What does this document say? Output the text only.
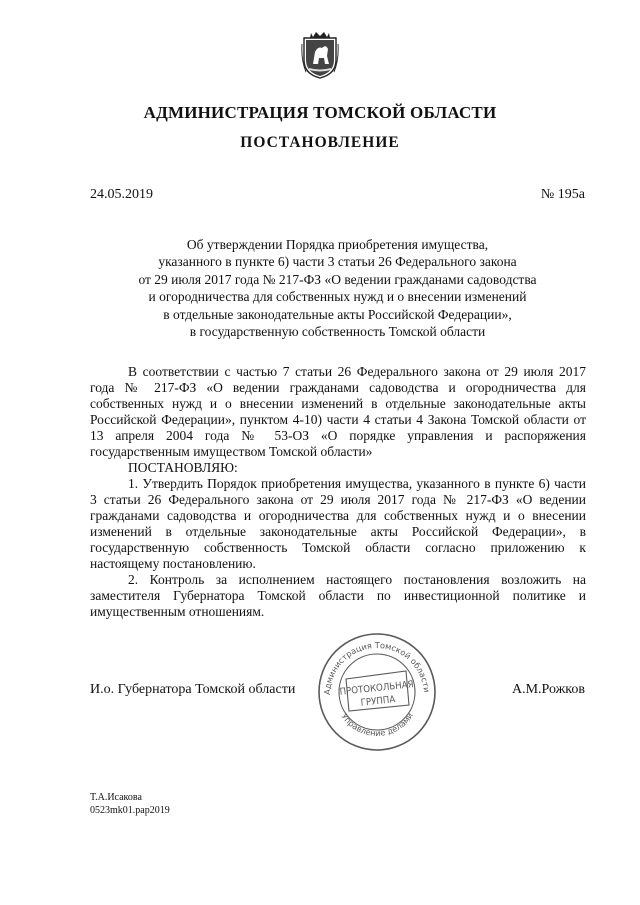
АДМИНИСТРАЦИЯ ТОМСКОЙ ОБЛАСТИ
ПОСТАНОВЛЕНИЕ
24.05.2019	№ 195а
Об утверждении Порядка приобретения имущества,
указанного в пункте 6) части 3 статьи 26 Федерального закона
от 29 июля 2017 года № 217-ФЗ «О ведении гражданами садоводства
и огородничества для собственных нужд и о внесении изменений
в отдельные законодательные акты Российской Федерации»,
в государственную собственность Томской области

В соответствии с частью 7 статьи 26 Федерального закона от 29 июля 2017 года № 217-ФЗ «О ведении гражданами садоводства и огородничества для собственных нужд и о внесении изменений в отдельные законодательные акты Российской Федерации», пунктом 4-10) части 4 статьи 4 Закона Томской области от 13 апреля 2004 года № 53-ОЗ «О порядке управления и распоряжения государственным имуществом Томской области»

ПОСТАНОВЛЯЮ:

1. Утвердить Порядок приобретения имущества, указанного в пункте 6) части 3 статьи 26 Федерального закона от 29 июля 2017 года № 217-ФЗ «О ведении гражданами садоводства и огородничества для собственных нужд и о внесении изменений в отдельные законодательные акты Российской Федерации», в государственную собственность Томской области согласно приложению к настоящему постановлению.

2. Контроль за исполнением настоящего постановления возложить на заместителя Губернатора Томской области по инвестиционной политике и имущественным отношениям.

И.о. Губернатора Томской области	А.М.Рожков
Администрация Томской области
Управление делами
ПРОТОКОЛЬНАЯ
ГРУППА
Т.А.Исакова
0523mk01.pap2019
